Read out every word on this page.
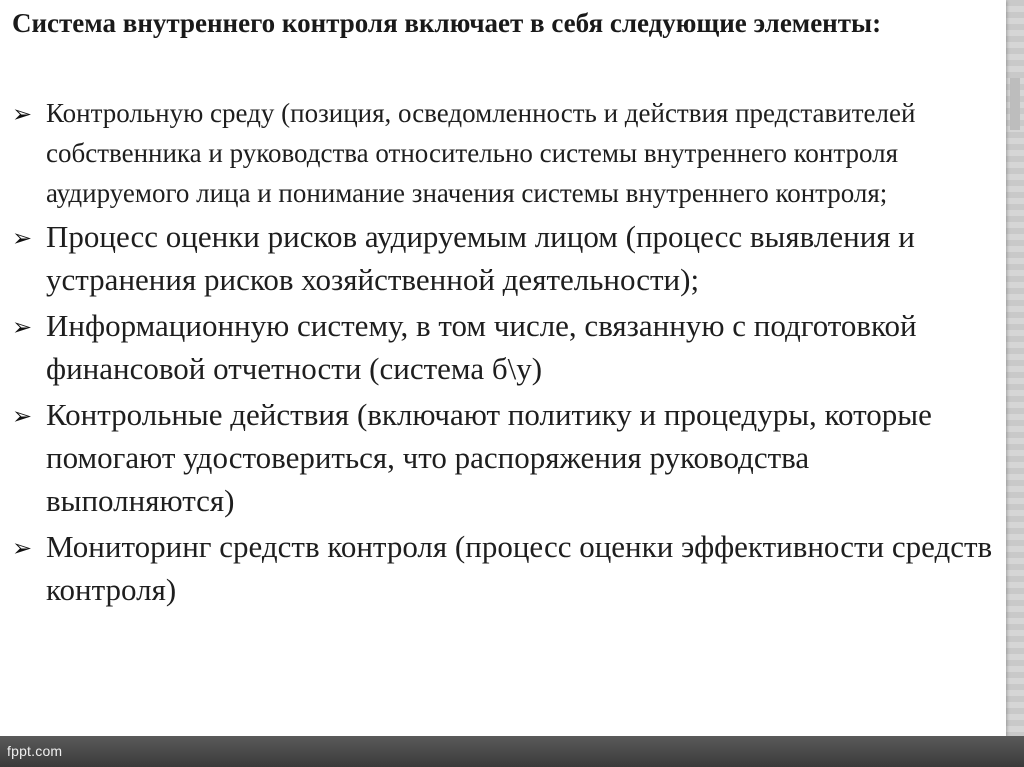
Система внутреннего контроля включает в себя следующие элементы:
➢ Контрольную среду (позиция, осведомленность и действия представителей собственника и руководства относительно системы внутреннего контроля аудируемого лица и понимание значения системы внутреннего контроля;
➢ Процесс оценки рисков аудируемым лицом (процесс выявления и устранения рисков хозяйственной деятельности);
➢ Информационную систему, в том числе, связанную с подготовкой финансовой отчетности (система б\у)
➢ Контрольные действия (включают политику и процедуры, которые помогают удостовериться, что распоряжения руководства выполняются)
➢ Мониторинг средств контроля (процесс оценки эффективности средств контроля)
fppt.com
